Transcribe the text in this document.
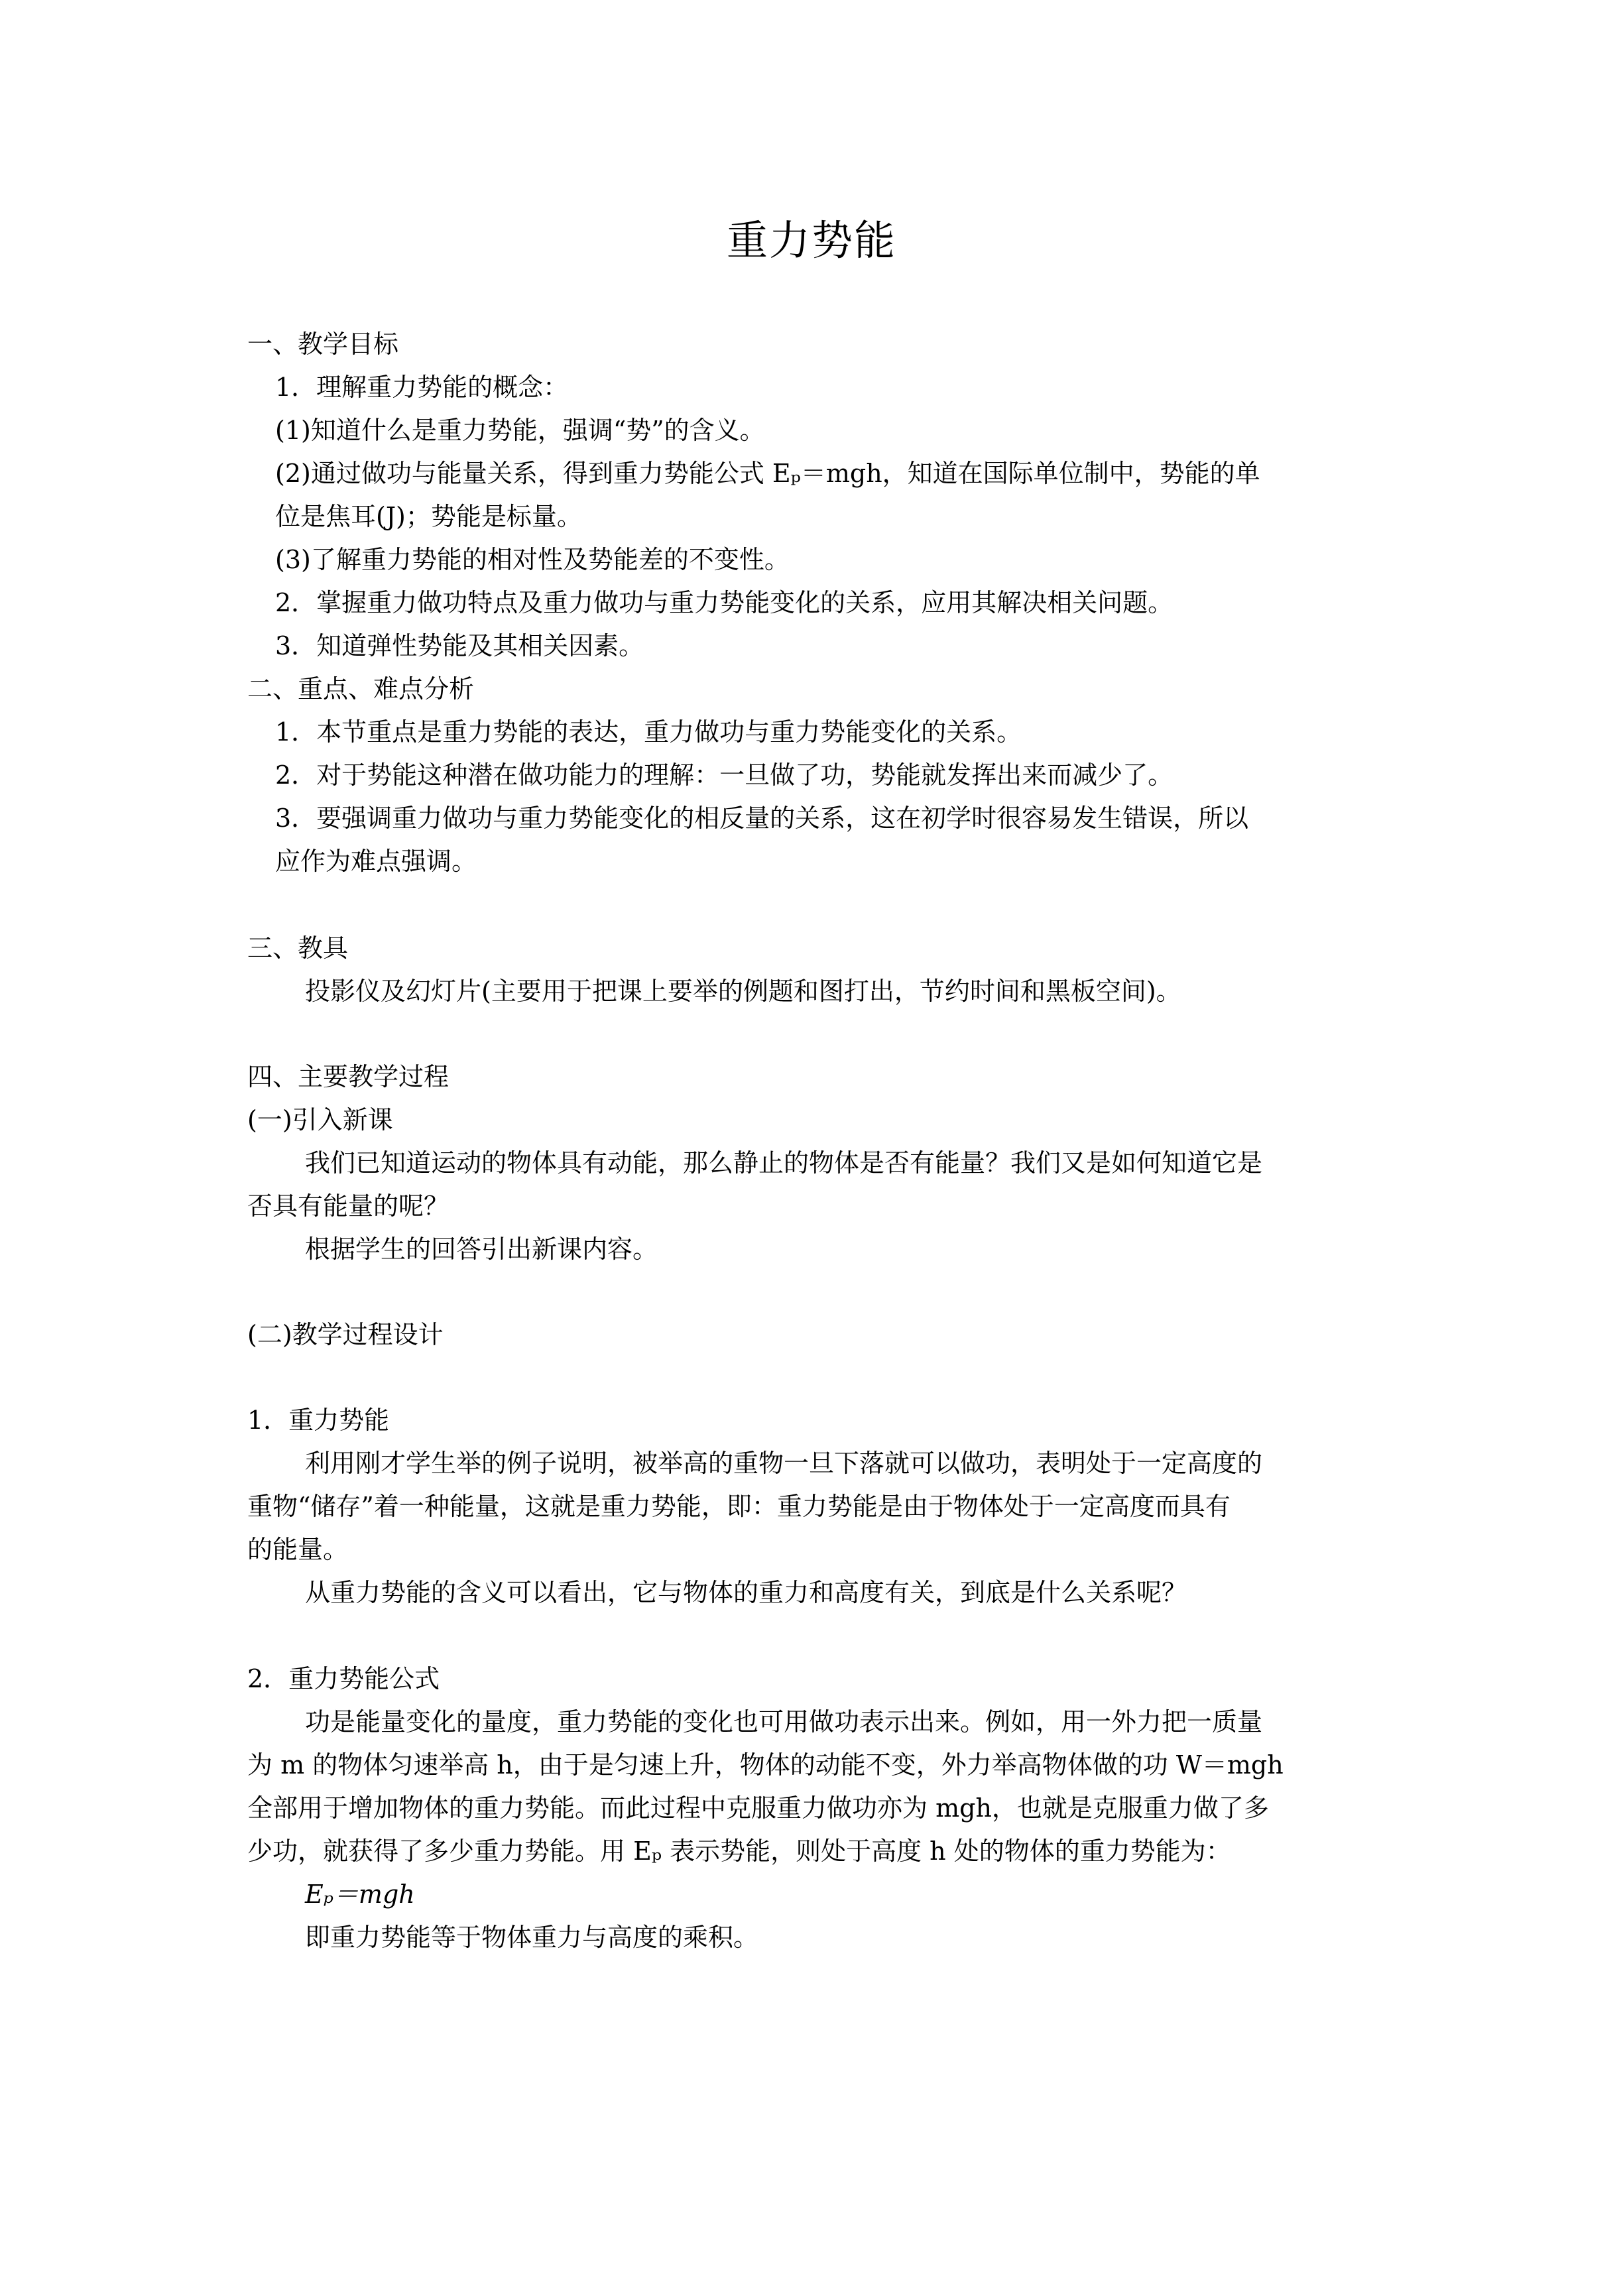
重力势能
一、教学目标
1．理解重力势能的概念：
(1)知道什么是重力势能，强调“势”的含义。
(2)通过做功与能量关系，得到重力势能公式 Eₚ＝mgh，知道在国际单位制中，势能的单
位是焦耳(J)；势能是标量。
(3)了解重力势能的相对性及势能差的不变性。
2．掌握重力做功特点及重力做功与重力势能变化的关系，应用其解决相关问题。
3．知道弹性势能及其相关因素。
二、重点、难点分析
1．本节重点是重力势能的表达，重力做功与重力势能变化的关系。
2．对于势能这种潜在做功能力的理解：一旦做了功，势能就发挥出来而减少了。
3．要强调重力做功与重力势能变化的相反量的关系，这在初学时很容易发生错误，所以
应作为难点强调。
三、教具
投影仪及幻灯片(主要用于把课上要举的例题和图打出，节约时间和黑板空间)。
四、主要教学过程
(一)引入新课
我们已知道运动的物体具有动能，那么静止的物体是否有能量？我们又是如何知道它是
否具有能量的呢？
根据学生的回答引出新课内容。
(二)教学过程设计
1．重力势能
利用刚才学生举的例子说明，被举高的重物一旦下落就可以做功，表明处于一定高度的
重物“储存”着一种能量，这就是重力势能，即：重力势能是由于物体处于一定高度而具有
的能量。
从重力势能的含义可以看出，它与物体的重力和高度有关，到底是什么关系呢？
2．重力势能公式
功是能量变化的量度，重力势能的变化也可用做功表示出来。例如，用一外力把一质量
为 m 的物体匀速举高 h，由于是匀速上升，物体的动能不变，外力举高物体做的功 W＝mgh
全部用于增加物体的重力势能。而此过程中克服重力做功亦为 mgh，也就是克服重力做了多
少功，就获得了多少重力势能。用 Eₚ 表示势能，则处于高度 h 处的物体的重力势能为：
Eₚ＝mgh
即重力势能等于物体重力与高度的乘积。
